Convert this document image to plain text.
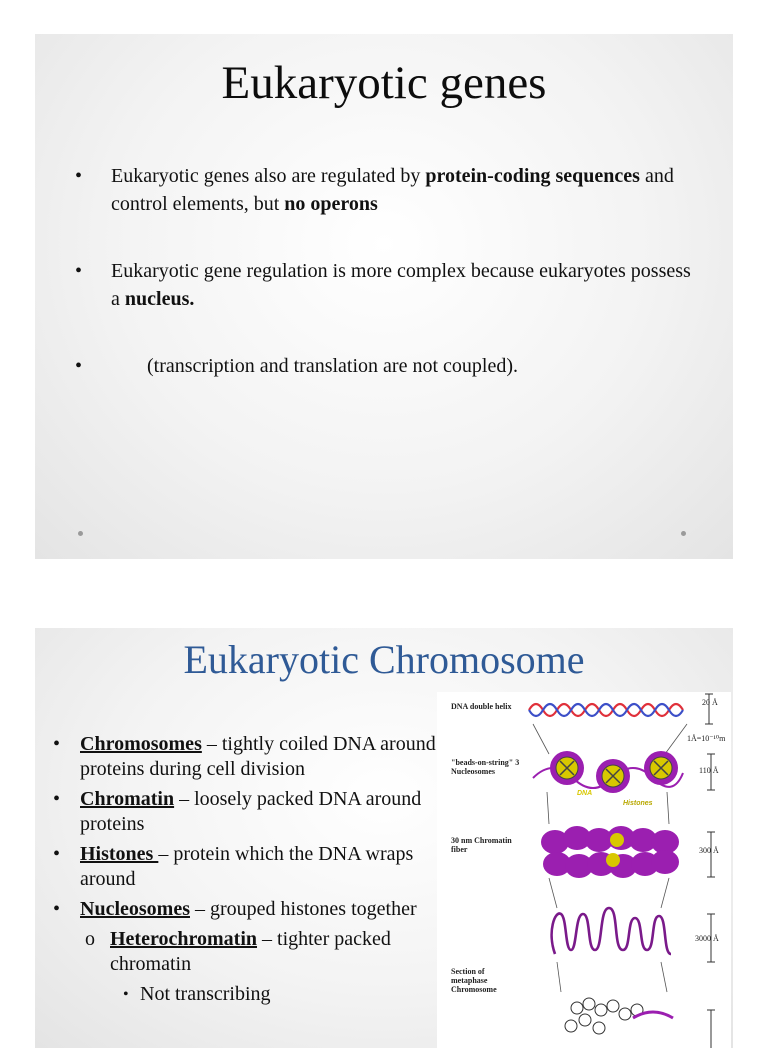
Eukaryotic genes
• Eukaryotic genes also are regulated by protein-coding sequences and control elements, but no operons
• Eukaryotic gene regulation is more complex because eukaryotes possess a nucleus.
•	(transcription and translation are not coupled).
Eukaryotic Chromosome
• Chromosomes – tightly coiled DNA around proteins during cell division
• Chromatin – loosely packed DNA around proteins
• Histones – protein which the DNA wraps around
• Nucleosomes – grouped histones together
o Heterochromatin – tighter packed chromatin
• Not transcribing
DNA double helix
"beads-on-string" 3 Nucleosomes
30 nm Chromatin fiber
Section of metaphase Chromosome
20 Å
1Å=10⁻¹⁰m
110 Å
300 Å
3000 Å
DNA
Histones
